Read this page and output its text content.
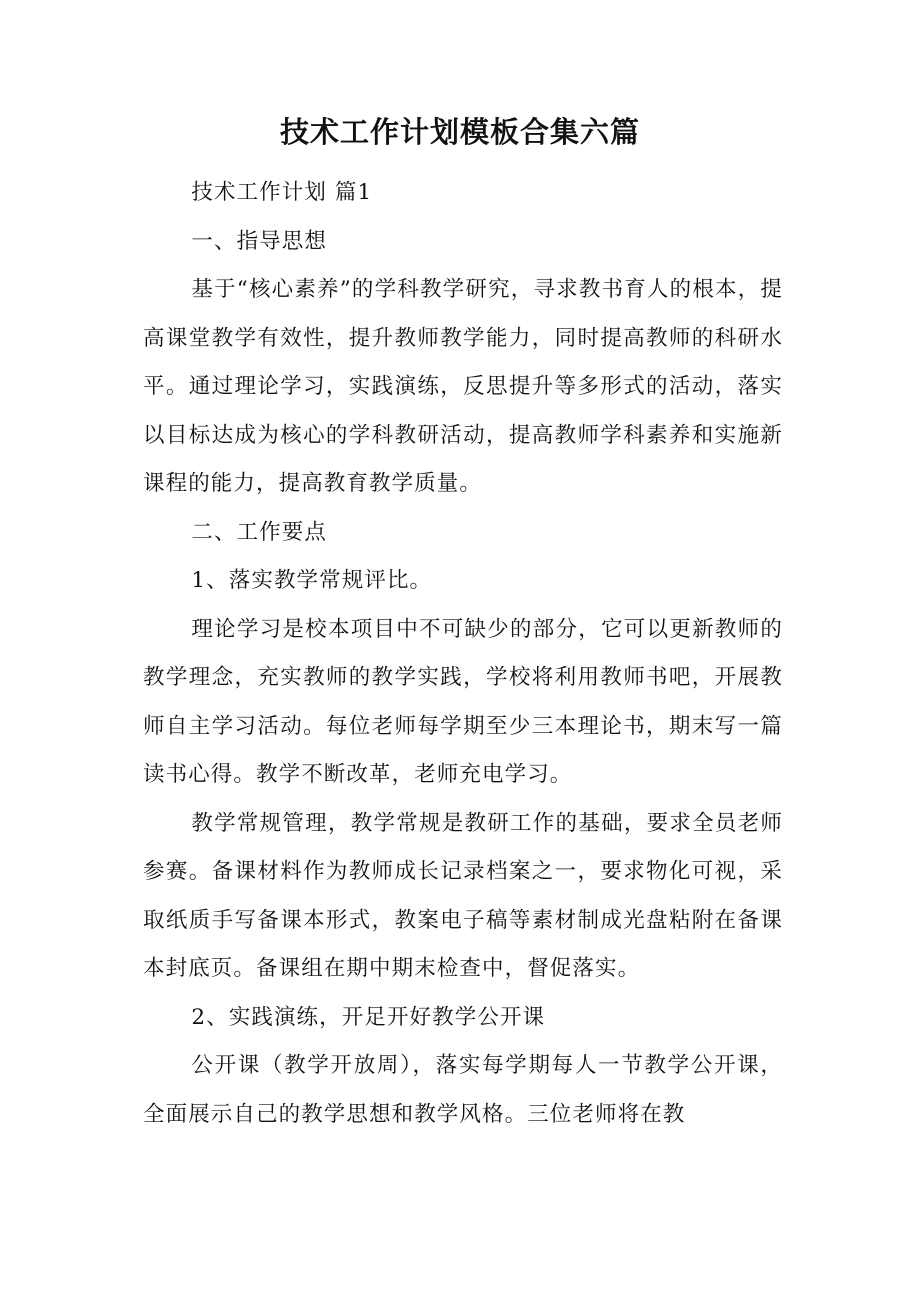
技术工作计划模板合集六篇

技术工作计划 篇1

一、指导思想

基于“核心素养”的学科教学研究，寻求教书育人的根本，提高课堂教学有效性，提升教师教学能力，同时提高教师的科研水平。通过理论学习，实践演练，反思提升等多形式的活动，落实以目标达成为核心的学科教研活动，提高教师学科素养和实施新课程的能力，提高教育教学质量。

二、工作要点

1、落实教学常规评比。

理论学习是校本项目中不可缺少的部分，它可以更新教师的教学理念，充实教师的教学实践，学校将利用教师书吧，开展教师自主学习活动。每位老师每学期至少三本理论书，期末写一篇读书心得。教学不断改革，老师充电学习。

教学常规管理，教学常规是教研工作的基础，要求全员老师参赛。备课材料作为教师成长记录档案之一，要求物化可视，采取纸质手写备课本形式，教案电子稿等素材制成光盘粘附在备课本封底页。备课组在期中期末检查中，督促落实。

2、实践演练，开足开好教学公开课

公开课（教学开放周），落实每学期每人一节教学公开课，全面展示自己的教学思想和教学风格。三位老师将在教
